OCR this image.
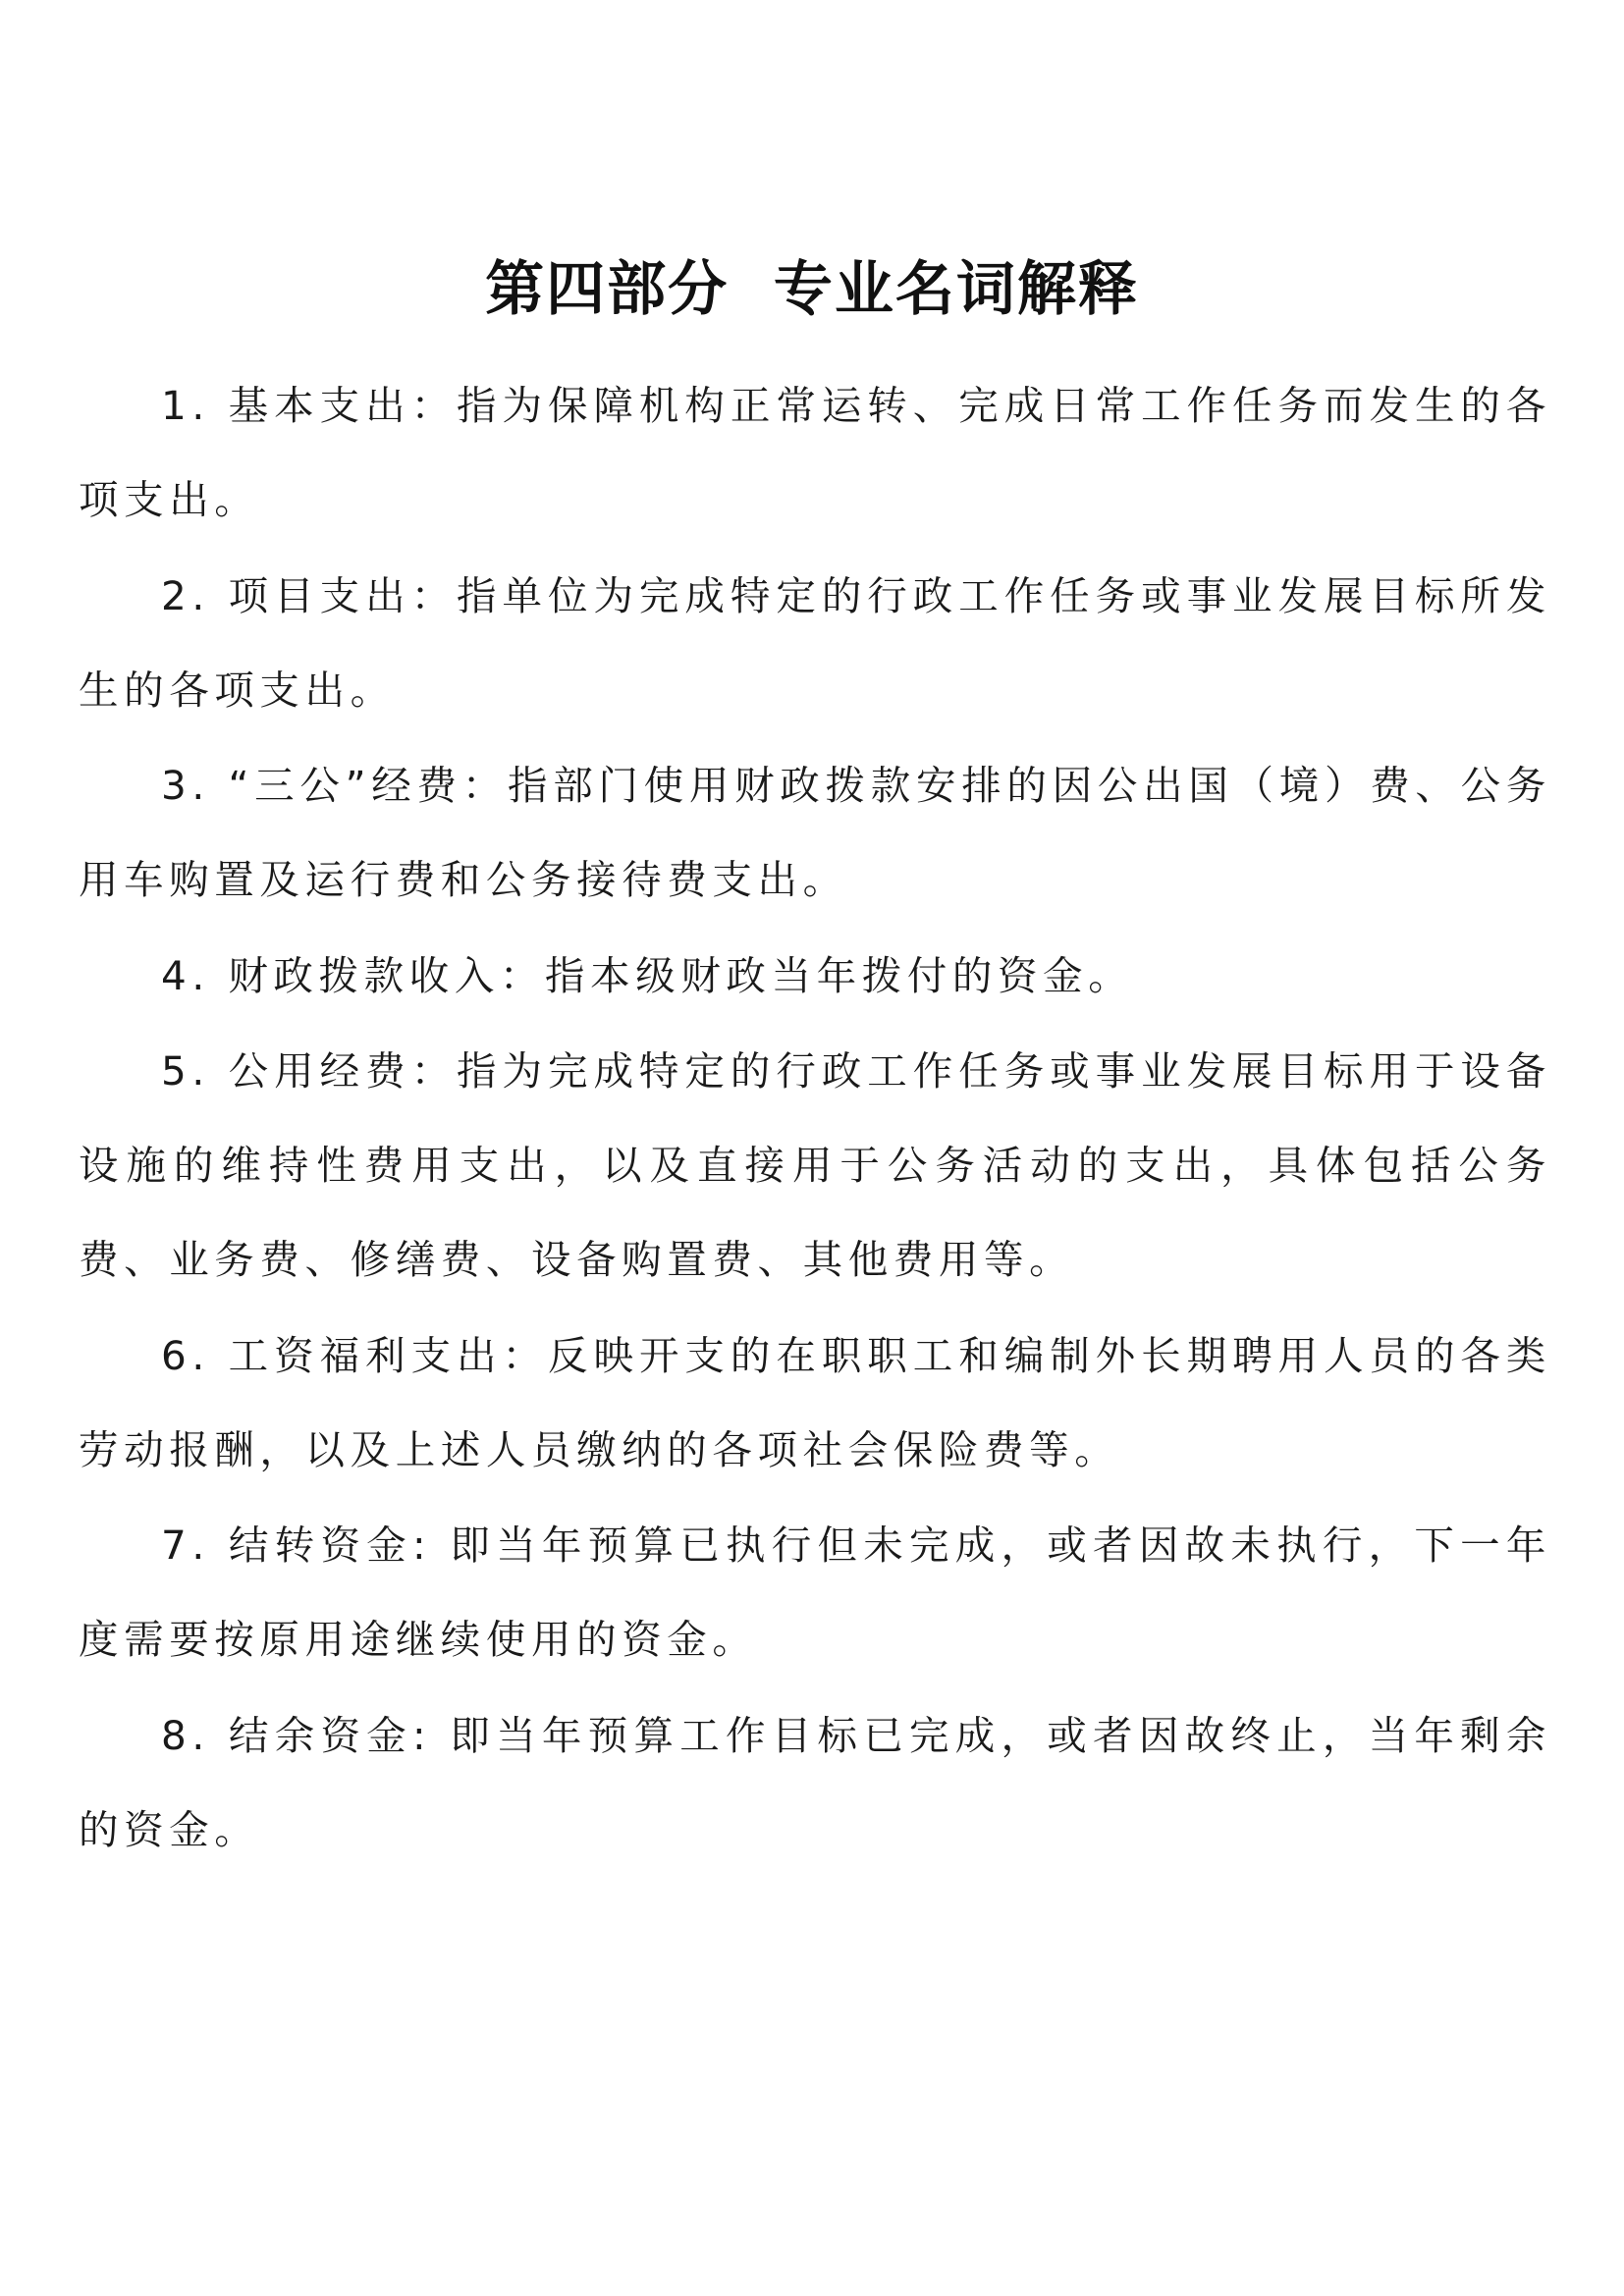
第四部分  专业名词解释

1. 基本支出：指为保障机构正常运转、完成日常工作任务而发生的各项支出。

2. 项目支出：指单位为完成特定的行政工作任务或事业发展目标所发生的各项支出。

3. “三公”经费：指部门使用财政拨款安排的因公出国（境）费、公务用车购置及运行费和公务接待费支出。

4. 财政拨款收入：指本级财政当年拨付的资金。

5. 公用经费：指为完成特定的行政工作任务或事业发展目标用于设备设施的维持性费用支出，以及直接用于公务活动的支出，具体包括公务费、业务费、修缮费、设备购置费、其他费用等。

6. 工资福利支出：反映开支的在职职工和编制外长期聘用人员的各类劳动报酬，以及上述人员缴纳的各项社会保险费等。

7. 结转资金: 即当年预算已执行但未完成，或者因故未执行，下一年度需要按原用途继续使用的资金。

8. 结余资金: 即当年预算工作目标已完成，或者因故终止，当年剩余的资金。
